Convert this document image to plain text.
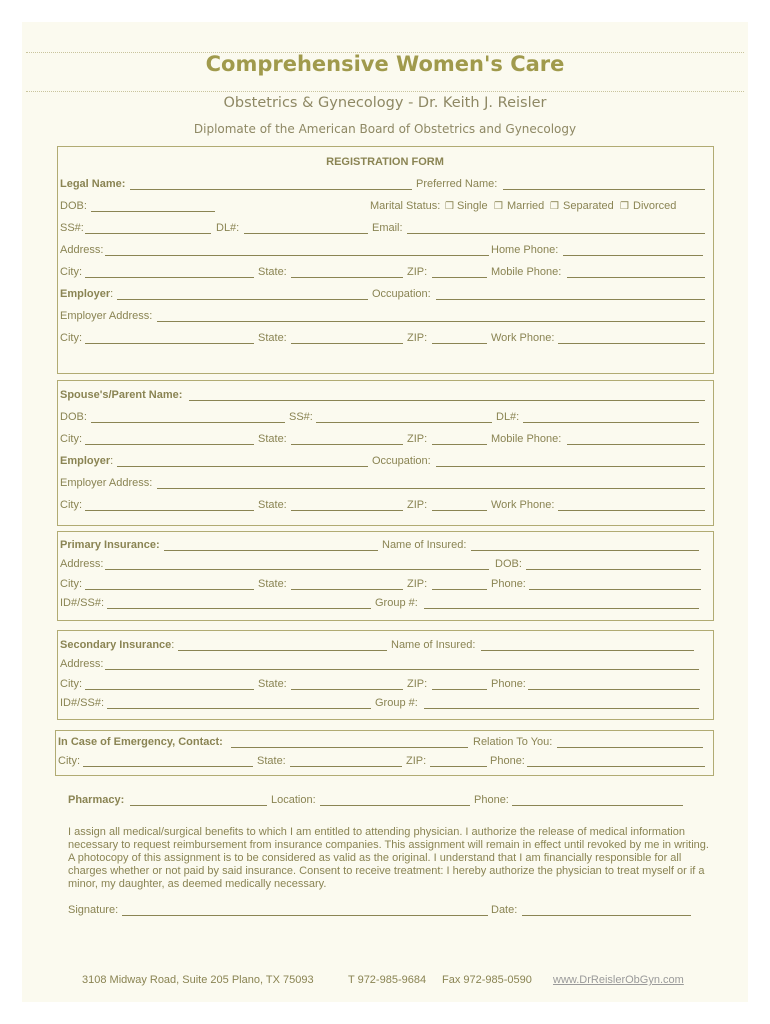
Comprehensive Women's Care
Obstetrics & Gynecology - Dr. Keith J. Reisler
Diplomate of the American Board of Obstetrics and Gynecology
REGISTRATION FORM
Legal Name:	Preferred Name:
DOB:	Marital Status: ❒ Single ❒ Married ❒ Separated ❒ Divorced
SS#:	DL#:	Email:
Address:	Home Phone:
City:	State:	ZIP:	Mobile Phone:
Employer:	Occupation:
Employer Address:
City:	State:	ZIP:	Work Phone:
Spouse's/Parent Name:
DOB:	SS#:	DL#:
City:	State:	ZIP:	Mobile Phone:
Employer:	Occupation:
Employer Address:
City:	State:	ZIP:	Work Phone:
Primary Insurance:	Name of Insured:
Address:	DOB:
City:	State:	ZIP:	Phone:
ID#/SS#:	Group #:
Secondary Insurance:	Name of Insured:
Address:
City:	State:	ZIP:	Phone:
ID#/SS#:	Group #:
In Case of Emergency, Contact:	Relation To You:
City:	State:	ZIP:	Phone:
Pharmacy:	Location:	Phone:
I assign all medical/surgical benefits to which I am entitled to attending physician. I authorize the release of medical information necessary to request reimbursement from insurance companies. This assignment will remain in effect until revoked by me in writing. A photocopy of this assignment is to be considered as valid as the original. I understand that I am financially responsible for all charges whether or not paid by said insurance. Consent to receive treatment: I hereby authorize the physician to treat myself or if a minor, my daughter, as deemed medically necessary.
Signature:	Date:
3108 Midway Road, Suite 205 Plano, TX 75093	T 972-985-9684 Fax 972-985-0590 www.DrReislerObGyn.com
